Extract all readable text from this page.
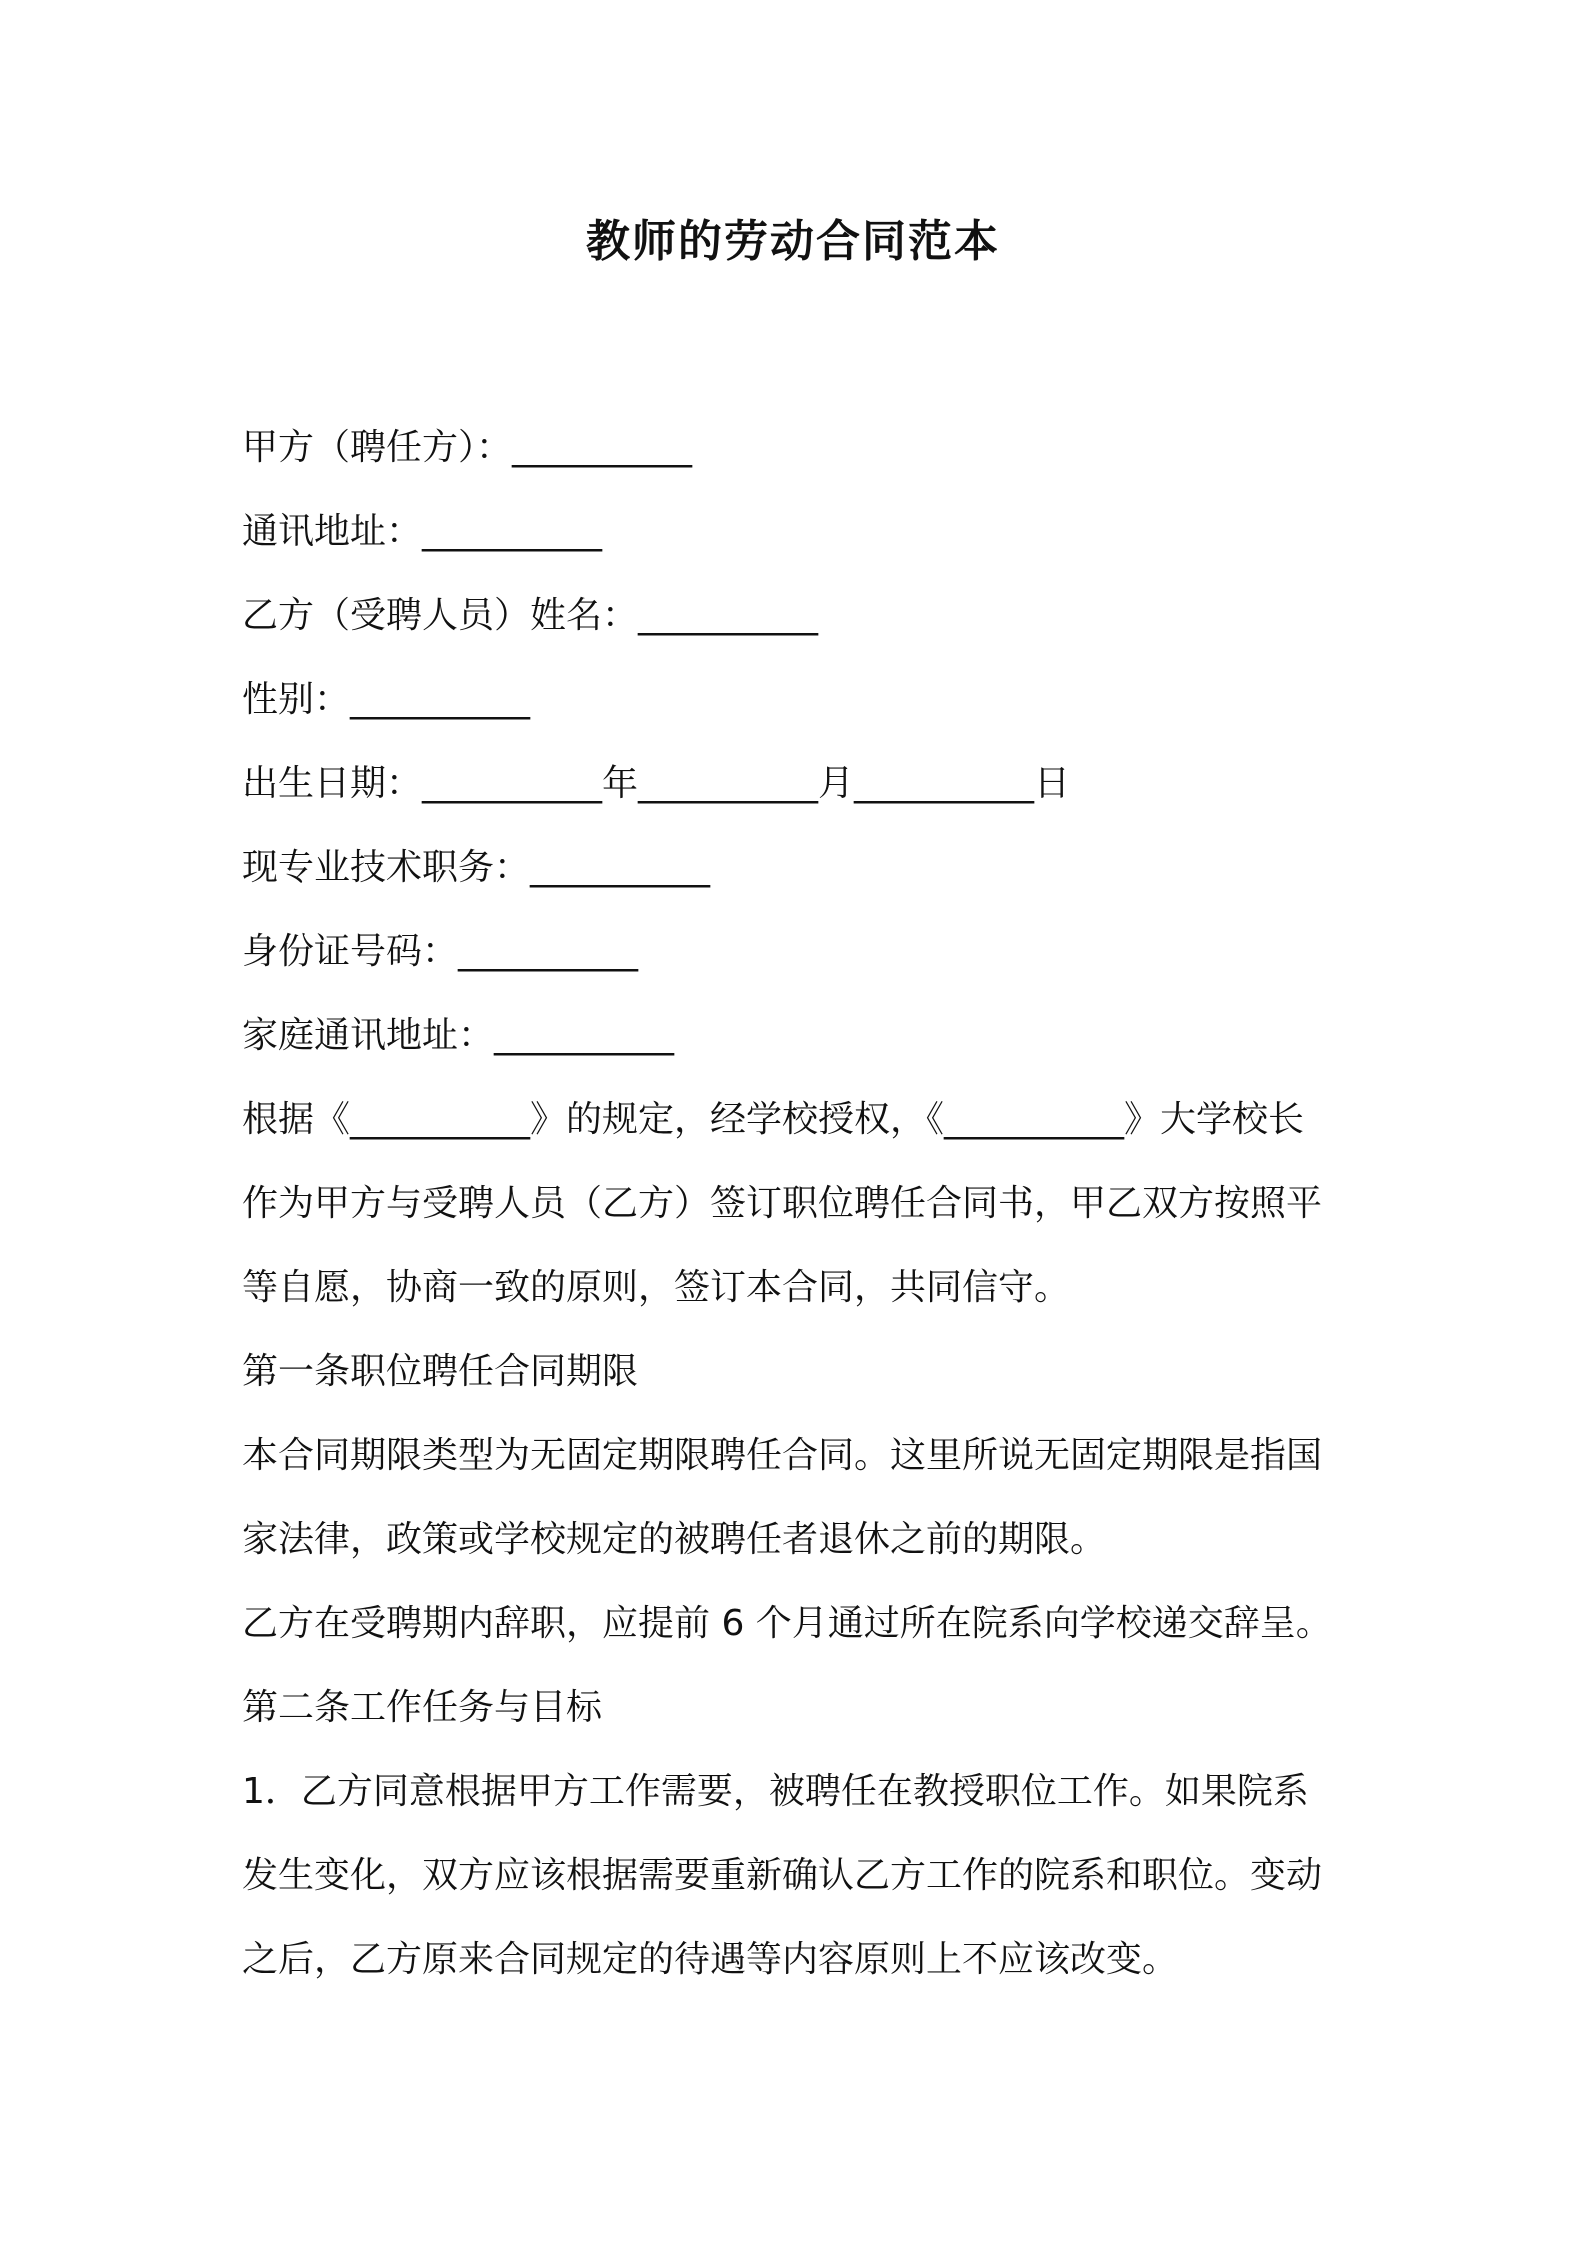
教师的劳动合同范本
甲方（聘任方）：__________
通讯地址：__________
乙方（受聘人员）姓名：__________
性别：__________
出生日期：__________年__________月__________日
现专业技术职务：__________
身份证号码：__________
家庭通讯地址：__________
根据《__________》的规定，经学校授权，《__________》大学校长
作为甲方与受聘人员（乙方）签订职位聘任合同书，甲乙双方按照平
等自愿，协商一致的原则，签订本合同，共同信守。
第一条职位聘任合同期限
本合同期限类型为无固定期限聘任合同。这里所说无固定期限是指国
家法律，政策或学校规定的被聘任者退休之前的期限。
乙方在受聘期内辞职，应提前 6 个月通过所在院系向学校递交辞呈。
第二条工作任务与目标
1．乙方同意根据甲方工作需要，被聘任在教授职位工作。如果院系
发生变化，双方应该根据需要重新确认乙方工作的院系和职位。变动
之后，乙方原来合同规定的待遇等内容原则上不应该改变。
